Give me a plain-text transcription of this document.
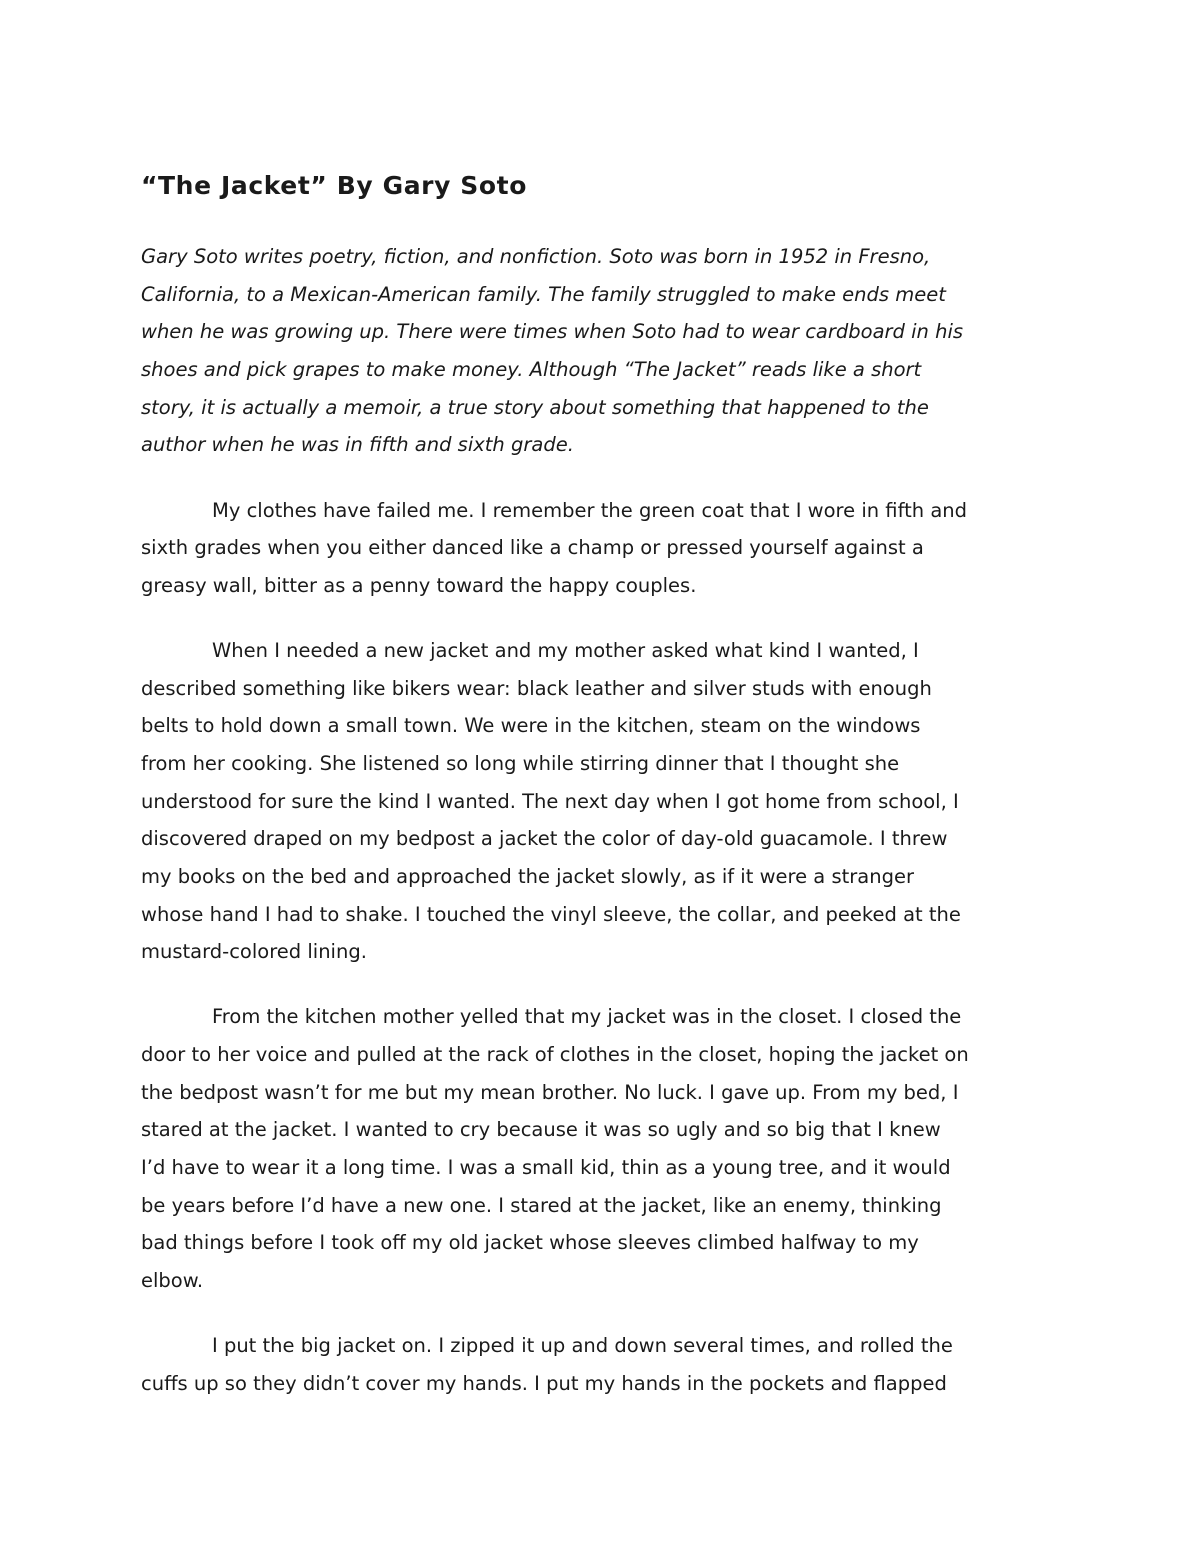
“The Jacket” By Gary Soto

Gary Soto writes poetry, fiction, and nonfiction. Soto was born in 1952 in Fresno,

California, to a Mexican-American family. The family struggled to make ends meet

when he was growing up. There were times when Soto had to wear cardboard in his

shoes and pick grapes to make money. Although “The Jacket” reads like a short

story, it is actually a memoir, a true story about something that happened to the

author when he was in fifth and sixth grade.

My clothes have failed me. I remember the green coat that I wore in fifth and

sixth grades when you either danced like a champ or pressed yourself against a

greasy wall, bitter as a penny toward the happy couples.

When I needed a new jacket and my mother asked what kind I wanted, I

described something like bikers wear: black leather and silver studs with enough

belts to hold down a small town. We were in the kitchen, steam on the windows

from her cooking. She listened so long while stirring dinner that I thought she

understood for sure the kind I wanted. The next day when I got home from school, I

discovered draped on my bedpost a jacket the color of day-old guacamole. I threw

my books on the bed and approached the jacket slowly, as if it were a stranger

whose hand I had to shake. I touched the vinyl sleeve, the collar, and peeked at the

mustard-colored lining.

From the kitchen mother yelled that my jacket was in the closet. I closed the

door to her voice and pulled at the rack of clothes in the closet, hoping the jacket on

the bedpost wasn’t for me but my mean brother. No luck. I gave up. From my bed, I

stared at the jacket. I wanted to cry because it was so ugly and so big that I knew

I’d have to wear it a long time. I was a small kid, thin as a young tree, and it would

be years before I’d have a new one. I stared at the jacket, like an enemy, thinking

bad things before I took off my old jacket whose sleeves climbed halfway to my

elbow.

I put the big jacket on. I zipped it up and down several times, and rolled the

cuffs up so they didn’t cover my hands. I put my hands in the pockets and flapped
